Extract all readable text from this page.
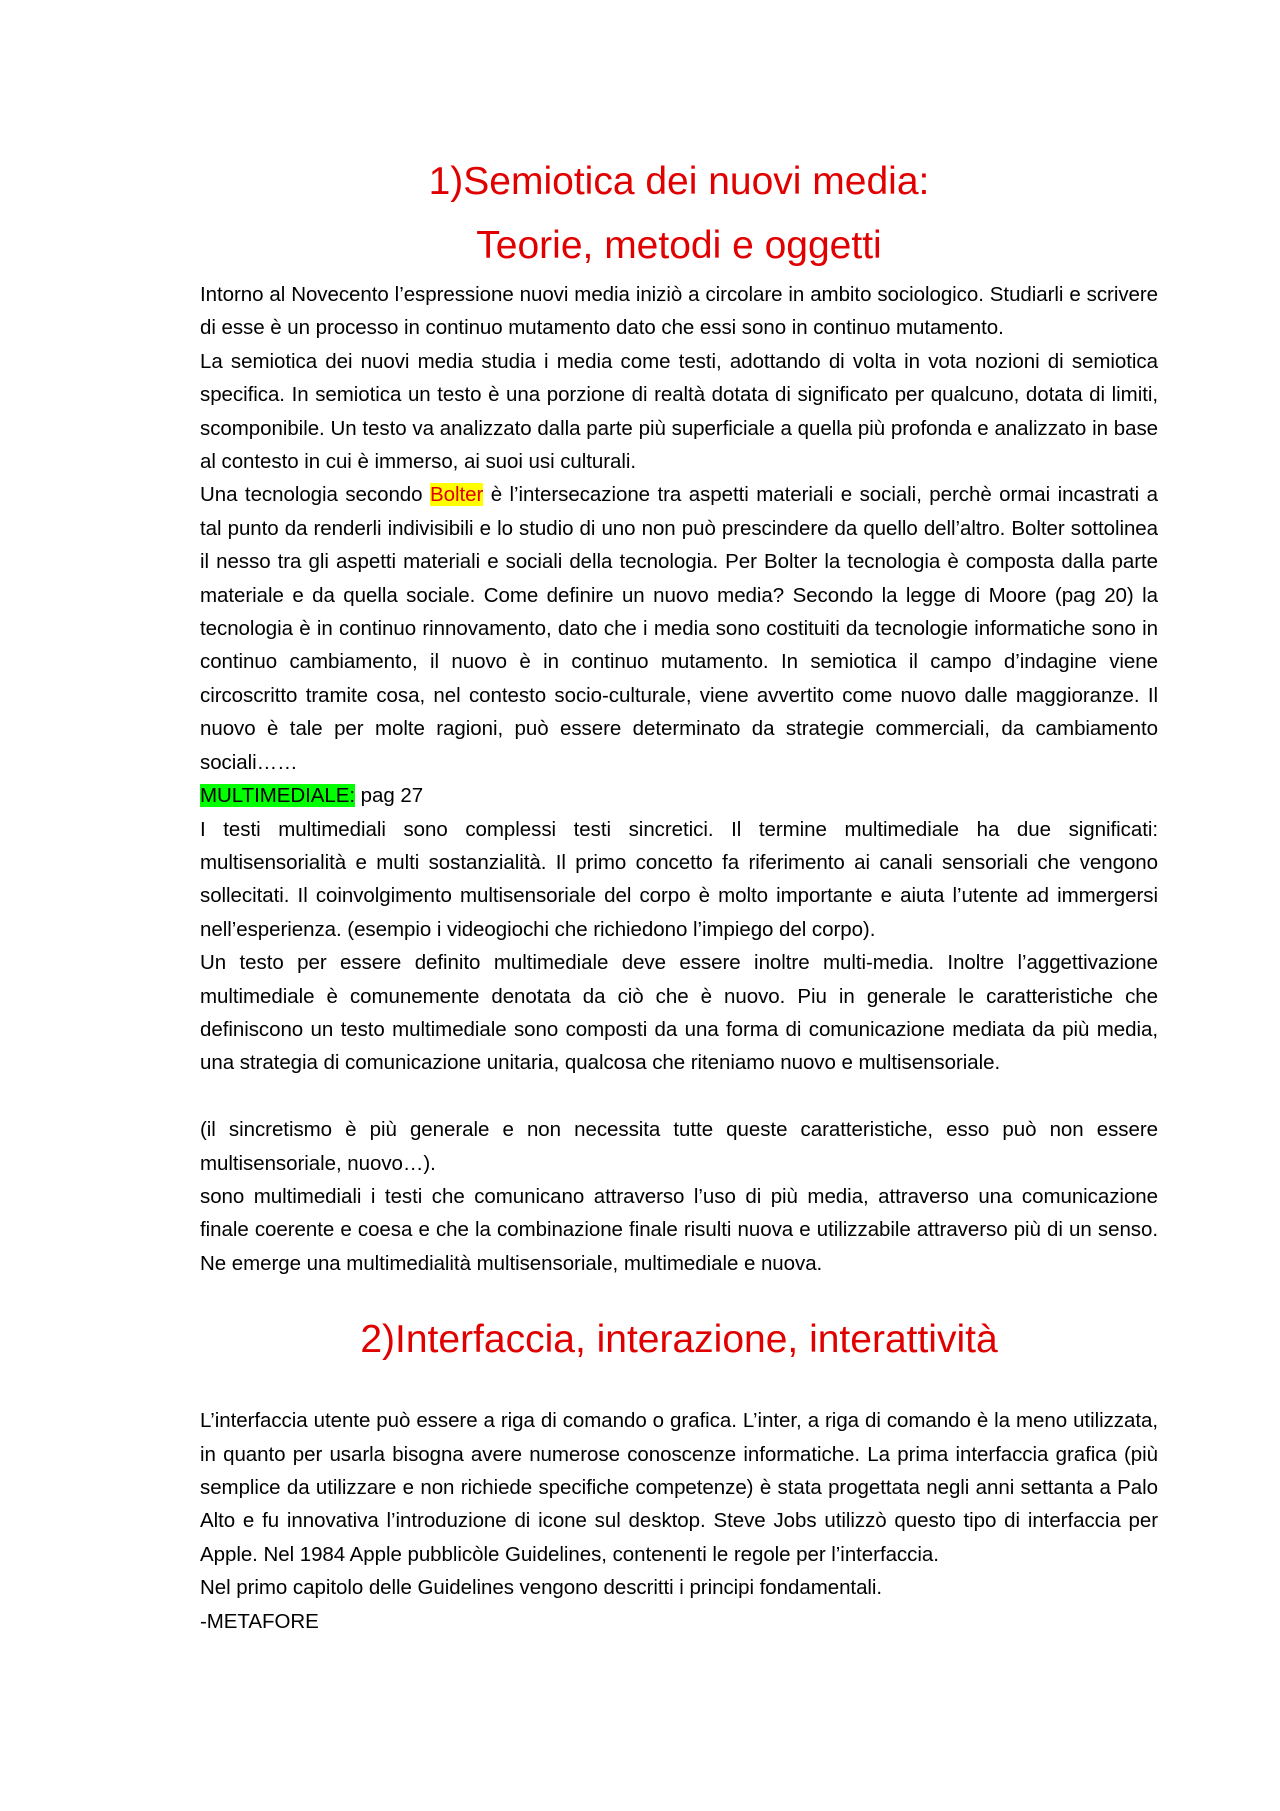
1)Semiotica dei nuovi media:
Teorie, metodi e oggetti

Intorno al Novecento l’espressione nuovi media iniziò a circolare in ambito sociologico. Studiarli e scrivere di esse è un processo in continuo mutamento dato che essi sono in continuo mutamento.

La semiotica dei nuovi media studia i media come testi, adottando di volta in vota nozioni di semiotica specifica. In semiotica un testo è una porzione di realtà dotata di significato per qualcuno, dotata di limiti, scomponibile. Un testo va analizzato dalla parte più superficiale a quella più profonda e analizzato in base al contesto in cui è immerso, ai suoi usi culturali.

Una tecnologia secondo Bolter è l’intersecazione tra aspetti materiali e sociali, perchè ormai incastrati a tal punto da renderli indivisibili e lo studio di uno non può prescindere da quello dell’altro. Bolter sottolinea il nesso tra gli aspetti materiali e sociali della tecnologia. Per Bolter la tecnologia è composta dalla parte materiale e da quella sociale. Come definire un nuovo media? Secondo la legge di Moore (pag 20) la tecnologia è in continuo rinnovamento, dato che i media sono costituiti da tecnologie informatiche sono in continuo cambiamento, il nuovo è in continuo mutamento. In semiotica il campo d’indagine viene circoscritto tramite cosa, nel contesto socio-culturale, viene avvertito come nuovo dalle maggioranze. Il nuovo è tale per molte ragioni, può essere determinato da strategie commerciali, da cambiamento sociali……

MULTIMEDIALE: pag 27

I testi multimediali sono complessi testi sincretici. Il termine multimediale ha due significati: multisensorialità e multi sostanzialità. Il primo concetto fa riferimento ai canali sensoriali che vengono sollecitati. Il coinvolgimento multisensoriale del corpo è molto importante e aiuta l’utente ad immergersi nell’esperienza. (esempio i videogiochi che richiedono l’impiego del corpo).

Un testo per essere definito multimediale deve essere inoltre multi-media. Inoltre l’aggettivazione multimediale è comunemente denotata da ciò che è nuovo. Piu in generale le caratteristiche che definiscono un testo multimediale sono composti da una forma di comunicazione mediata da più media, una strategia di comunicazione unitaria, qualcosa che riteniamo nuovo e multisensoriale.

(il sincretismo è più generale e non necessita tutte queste caratteristiche, esso può non essere multisensoriale, nuovo…).

sono multimediali i testi che comunicano attraverso l’uso di più media, attraverso una comunicazione finale coerente e coesa e che la combinazione finale risulti nuova e utilizzabile attraverso più di un senso. Ne emerge una multimedialità multisensoriale, multimediale e nuova.

2)Interfaccia, interazione, interattività

L’interfaccia utente può essere a riga di comando o grafica. L’inter, a riga di comando è la meno utilizzata, in quanto per usarla bisogna avere numerose conoscenze informatiche. La prima interfaccia grafica (più semplice da utilizzare e non richiede specifiche competenze) è stata progettata negli anni settanta a Palo Alto e fu innovativa l’introduzione di icone sul desktop. Steve Jobs utilizzò questo tipo di interfaccia per Apple. Nel 1984 Apple pubblicòle Guidelines, contenenti le regole per l’interfaccia.

Nel primo capitolo delle Guidelines vengono descritti i principi fondamentali.

-METAFORE
